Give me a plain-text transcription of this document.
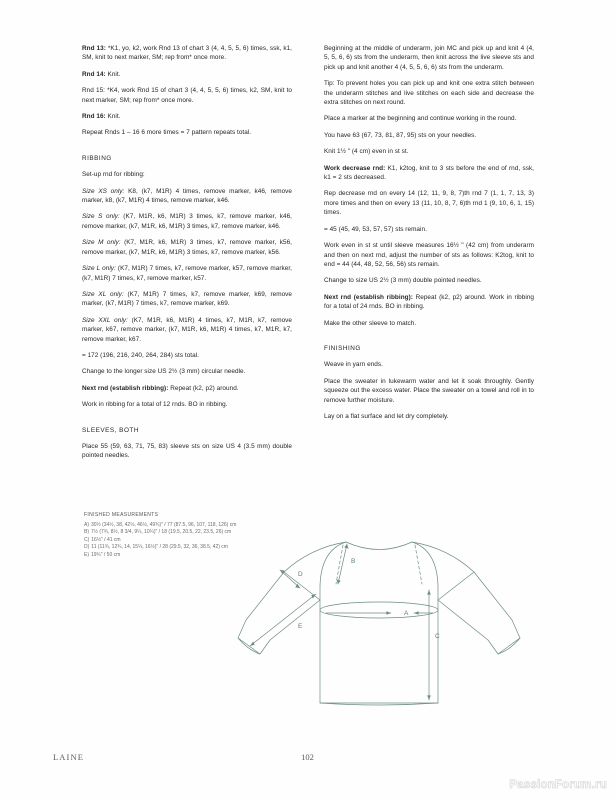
Rnd 13: *K1, yo, k2, work Rnd 13 of chart 3 (4, 4, 5, 5, 6) times, ssk, k1, SM, knit to next marker, SM; rep from* once more.

Rnd 14: Knit.

Rnd 15: *K4, work Rnd 15 of chart 3 (4, 4, 5, 5, 6) times, k2, SM, knit to next marker, SM; rep from* once more.

Rnd 16: Knit.

Repeat Rnds 1 – 16 6 more times = 7 pattern repeats total.

RIBBING

Set-up rnd for ribbing:

Size XS only: K8, (k7, M1R) 4 times, remove marker, k46, remove marker, k8, (k7, M1R) 4 times, remove marker, k46.

Size S only: (K7, M1R, k6, M1R) 3 times, k7, remove marker, k46, remove marker, (k7, M1R, k6, M1R) 3 times, k7, remove marker, k46.

Size M only: (K7, M1R, k6, M1R) 3 times, k7, remove marker, k56, remove marker, (k7, M1R, k6, M1R) 3 times, k7, remove marker, k56.

Size L only: (K7, M1R) 7 times, k7, remove marker, k57, remove marker, (k7, M1R) 7 times, k7, remove marker, k57.

Size XL only: (K7, M1R) 7 times, k7, remove marker, k69, remove marker, (k7, M1R) 7 times, k7, remove marker, k69.

Size XXL only: (K7, M1R, k6, M1R) 4 times, k7, M1R, k7, remove marker, k67, remove marker, (k7, M1R, k6, M1R) 4 times, k7, M1R, k7, remove marker, k67.

= 172 (196, 216, 240, 264, 284) sts total.

Change to the longer size US 2½ (3 mm) circular needle.

Next rnd (establish ribbing): Repeat (k2, p2) around.

Work in ribbing for a total of 12 rnds. BO in ribbing.

SLEEVES, BOTH

Place 55 (59, 63, 71, 75, 83) sleeve sts on size US 4 (3.5 mm) double pointed needles.

Beginning at the middle of underarm, join MC and pick up and knit 4 (4, 5, 5, 6, 6) sts from the underarm, then knit across the live sleeve sts and pick up and knit another 4 (4, 5, 5, 6, 6) sts from the underarm.

Tip: To prevent holes you can pick up and knit one extra stitch between the underarm stitches and live stitches on each side and decrease the extra stitches on next round.

Place a marker at the beginning and continue working in the round.

You have 63 (67, 73, 81, 87, 95) sts on your needles.

Knit 1½ " (4 cm) even in st st.

Work decrease rnd: K1, k2tog, knit to 3 sts before the end of rnd, ssk, k1 = 2 sts decreased.

Rep decrease rnd on every 14 (12, 11, 9, 8, 7)th rnd 7 (1, 1, 7, 13, 3) more times and then on every 13 (11, 10, 8, 7, 6)th rnd 1 (9, 10, 6, 1, 15) times.

= 45 (45, 49, 53, 57, 57) sts remain.

Work even in st st until sleeve measures 16½ " (42 cm) from underarm and then on next rnd, adjust the number of sts as follows: K2tog, knit to end = 44 (44, 48, 52, 56, 56) sts remain.

Change to size US 2½ (3 mm) double pointed needles.

Next rnd (establish ribbing): Repeat (k2, p2) around. Work in ribbing for a total of 24 rnds. BO in ribbing.

Make the other sleeve to match.

FINISHING

Weave in yarn ends.

Place the sweater in lukewarm water and let it soak throughly. Gently squeeze out the excess water. Place the sweater on a towel and roll in to remove further moisture.

Lay on a flat surface and let dry completely.

FINISHED MEASUREMENTS
A) 30½ (34½, 38, 42½, 46½, 49¾)" / 77 (87.5, 96, 107, 118, 126) cm
B) 7½ (7¾, 8½, 8 3/4, 9¼, 10¼)" / 18 (19.5, 20.5, 22, 23.5, 26) cm
C) 16½" / 41 cm
D) 11 (11¾, 12¾, 14, 15¼, 16½)" / 28 (29.5, 32, 36, 38.5, 42) cm
E) 19¾" / 50 cm
B
A
C
D
E
LAINE	102
PassionForum.ru
